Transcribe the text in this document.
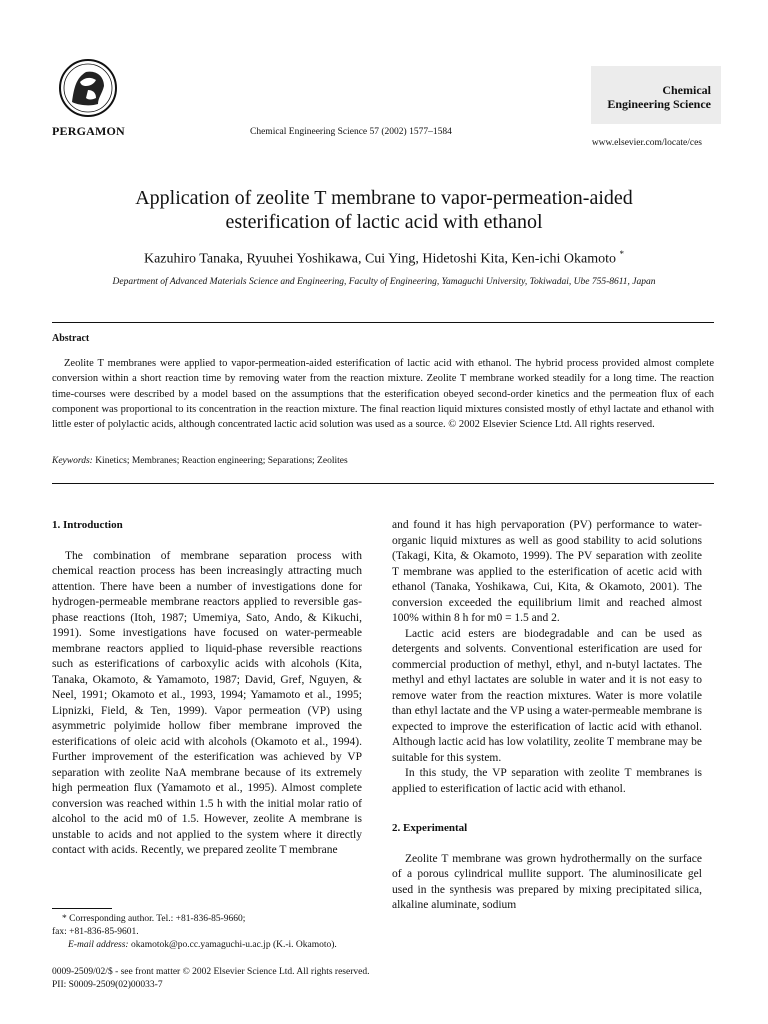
PERGAMON	Chemical Engineering Science 57 (2002) 1577–1584
Chemical
Engineering Science
www.elsevier.com/locate/ces
Application of zeolite T membrane to vapor-permeation-aided
esterification of lactic acid with ethanol
Kazuhiro Tanaka, Ryuuhei Yoshikawa, Cui Ying, Hidetoshi Kita, Ken-ichi Okamoto *
Department of Advanced Materials Science and Engineering, Faculty of Engineering, Yamaguchi University, Tokiwadai, Ube 755-8611, Japan
Abstract
Zeolite T membranes were applied to vapor-permeation-aided esterification of lactic acid with ethanol. The hybrid process provided almost complete conversion within a short reaction time by removing water from the reaction mixture. Zeolite T membrane worked steadily for a long time. The reaction time-courses were described by a model based on the assumptions that the esterification obeyed second-order kinetics and the permeation flux of each component was proportional to its concentration in the reaction mixture. The final reaction liquid mixtures consisted mostly of ethyl lactate and ethanol with little ester of polylactic acids, although concentrated lactic acid solution was used as a source. © 2002 Elsevier Science Ltd. All rights reserved.
Keywords: Kinetics; Membranes; Reaction engineering; Separations; Zeolites

1. Introduction

The combination of membrane separation process with chemical reaction process has been increasingly attracting much attention. There have been a number of investigations done for hydrogen-permeable membrane reactors applied to reversible gas-phase reactions (Itoh, 1987; Umemiya, Sato, Ando, & Kikuchi, 1991). Some investigations have focused on water-permeable membrane reactors applied to liquid-phase reversible reactions such as esterifications of carboxylic acids with alcohols (Kita, Tanaka, Okamoto, & Yamamoto, 1987; David, Gref, Nguyen, & Neel, 1991; Okamoto et al., 1993, 1994; Yamamoto et al., 1995; Lipnizki, Field, & Ten, 1999). Vapor permeation (VP) using asymmetric polyimide hollow fiber membrane improved the esterifications of oleic acid with alcohols (Okamoto et al., 1994). Further improvement of the esterification was achieved by VP separation with zeolite NaA membrane because of its extremely high permeation flux (Yamamoto et al., 1995). Almost complete conversion was reached within 1.5 h with the initial molar ratio of alcohol to the acid m0 of 1.5. However, zeolite A membrane is unstable to acids and not applied to the system where it directly contact with acids. Recently, we prepared zeolite T membrane

and found it has high pervaporation (PV) performance to water-organic liquid mixtures as well as good stability to acid solutions (Takagi, Kita, & Okamoto, 1999). The PV separation with zeolite T membrane was applied to the esterification of acetic acid with ethanol (Tanaka, Yoshikawa, Cui, Kita, & Okamoto, 2001). The conversion exceeded the equilibrium limit and reached almost 100% within 8 h for m0 = 1.5 and 2.

Lactic acid esters are biodegradable and can be used as detergents and solvents. Conventional esterification are used for commercial production of methyl, ethyl, and n-butyl lactates. The methyl and ethyl lactates are soluble in water and it is not easy to remove water from the reaction mixtures. Water is more volatile than ethyl lactate and the VP using a water-permeable membrane is expected to improve the esterification of lactic acid with ethanol. Although lactic acid has low volatility, zeolite T membrane may be suitable for this system.

In this study, the VP separation with zeolite T membranes is applied to esterification of lactic acid with ethanol.

2. Experimental

Zeolite T membrane was grown hydrothermally on the surface of a porous cylindrical mullite support. The aluminosilicate gel used in the synthesis was prepared by mixing precipitated silica, alkaline aluminate, sodium

* Corresponding author. Tel.: +81-836-85-9660;
fax: +81-836-85-9601.
E-mail address: okamotok@po.cc.yamaguchi-u.ac.jp (K.-i. Okamoto).
0009-2509/02/$ - see front matter © 2002 Elsevier Science Ltd. All rights reserved.
PII: S0009-2509(02)00033-7
